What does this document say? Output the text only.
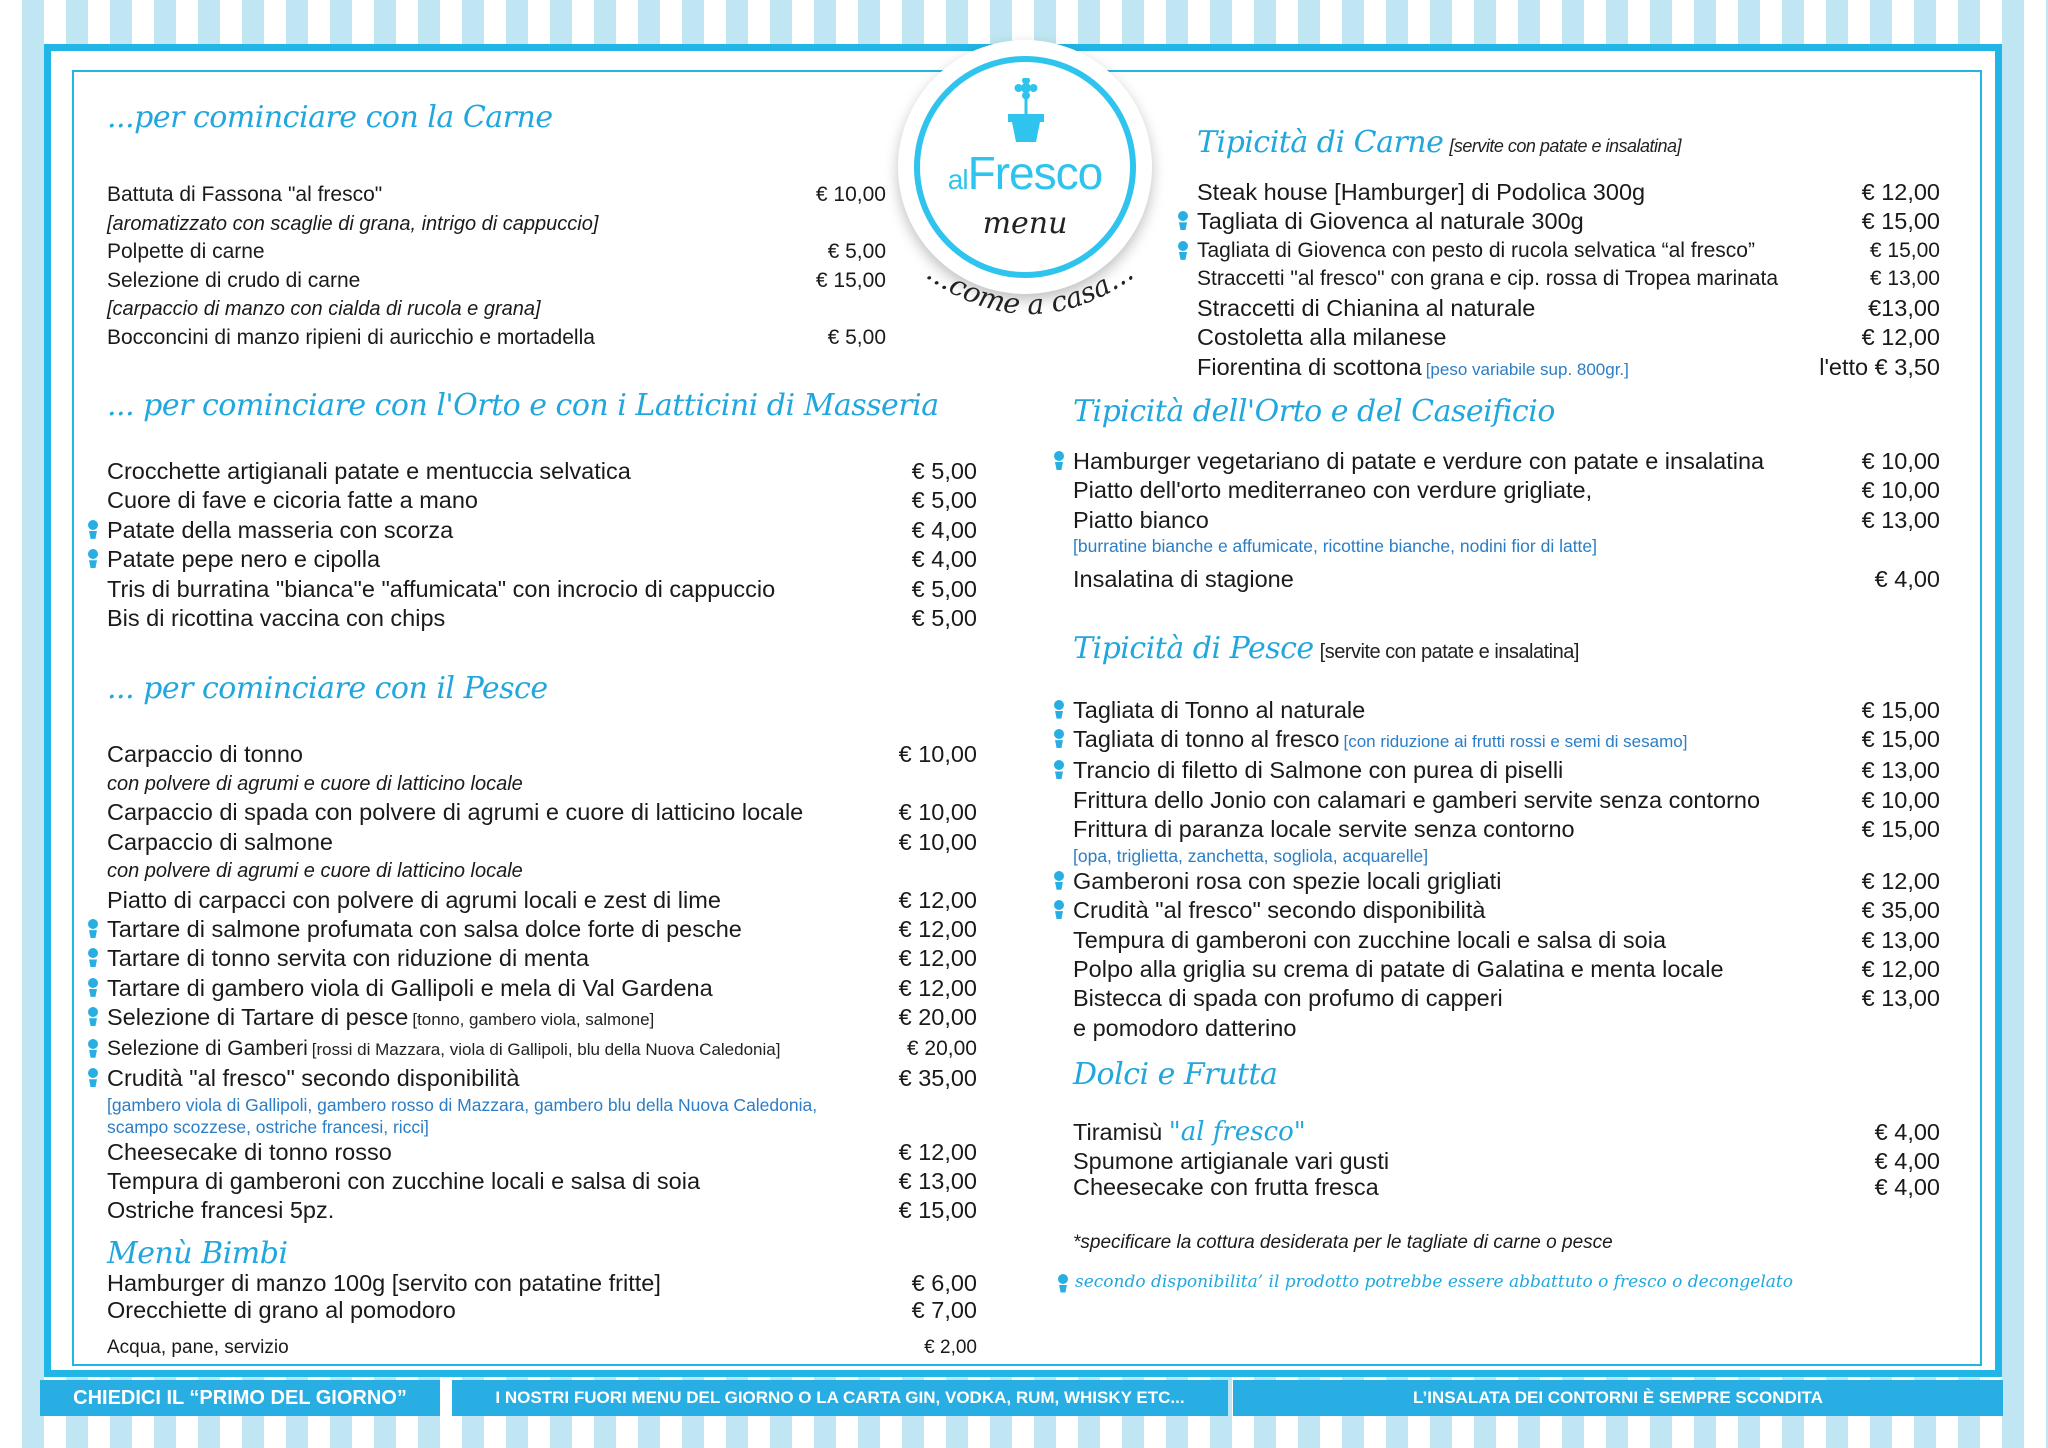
alFresco
menu
...come a casa...
...per cominciare con la Carne
Battuta di Fassona "al fresco"	€ 10,00
[aromatizzato con scaglie di grana, intrigo di cappuccio]
Polpette di carne	€ 5,00
Selezione di crudo di carne	€ 15,00
[carpaccio di manzo con cialda di rucola e grana]
Bocconcini di manzo ripieni di auricchio e mortadella	€ 5,00
... per cominciare con l'Orto e con i Latticini di Masseria
Crocchette artigianali patate e mentuccia selvatica	€ 5,00
Cuore di fave e cicoria fatte a mano	€ 5,00
Patate della masseria con scorza	€ 4,00
Patate pepe nero e cipolla	€ 4,00
Tris di burratina "bianca"e "affumicata" con incrocio di cappuccio	€ 5,00
Bis di ricottina vaccina con chips	€ 5,00
... per cominciare con il Pesce
Carpaccio di tonno	€ 10,00
con polvere di agrumi e cuore di latticino locale
Carpaccio di spada con polvere di agrumi e cuore di latticino locale	€ 10,00
Carpaccio di salmone	€ 10,00
con polvere di agrumi e cuore di latticino locale
Piatto di carpacci con polvere di agrumi locali e zest di lime	€ 12,00
Tartare di salmone profumata con salsa dolce forte di pesche	€ 12,00
Tartare di tonno servita con riduzione di menta	€ 12,00
Tartare di gambero viola di Gallipoli e mela di Val Gardena	€ 12,00
Selezione di Tartare di pesce [tonno, gambero viola, salmone]	€ 20,00
Selezione di Gamberi [rossi di Mazzara, viola di Gallipoli, blu della Nuova Caledonia]	€ 20,00
Crudità "al fresco" secondo disponibilità	€ 35,00
[gambero viola di Gallipoli, gambero rosso di Mazzara, gambero blu della Nuova Caledonia,
scampo scozzese, ostriche francesi, ricci]
Cheesecake di tonno rosso	€ 12,00
Tempura di gamberoni con zucchine locali e salsa di soia	€ 13,00
Ostriche francesi 5pz.	€ 15,00
Menù Bimbi
Hamburger di manzo 100g [servito con patatine fritte]	€ 6,00
Orecchiette di grano al pomodoro	€ 7,00
Acqua, pane, servizio	€ 2,00
Tipicità di Carne [servite con patate e insalatina]
Steak house [Hamburger] di Podolica 300g	€ 12,00
Tagliata di Giovenca al naturale 300g	€ 15,00
Tagliata di Giovenca con pesto di rucola selvatica “al fresco”	€ 15,00
Straccetti "al fresco" con grana e cip. rossa di Tropea marinata	€ 13,00
Straccetti di Chianina al naturale	€13,00
Costoletta alla milanese	€ 12,00
Fiorentina di scottona [peso variabile sup. 800gr.]	l'etto € 3,50
Tipicità dell'Orto e del Caseificio
Hamburger vegetariano di patate e verdure con patate e insalatina	€ 10,00
Piatto dell'orto mediterraneo con verdure grigliate,	€ 10,00
Piatto bianco	€ 13,00
[burratine bianche e affumicate, ricottine bianche, nodini fior di latte]
Insalatina di stagione	€ 4,00
Tipicità di Pesce [servite con patate e insalatina]
Tagliata di Tonno al naturale	€ 15,00
Tagliata di tonno al fresco [con riduzione ai frutti rossi e semi di sesamo]	€ 15,00
Trancio di filetto di Salmone con purea di piselli	€ 13,00
Frittura dello Jonio con calamari e gamberi servite senza contorno	€ 10,00
Frittura di paranza locale servite senza contorno	€ 15,00
[opa, triglietta, zanchetta, sogliola, acquarelle]
Gamberoni rosa con spezie locali grigliati	€ 12,00
Crudità "al fresco" secondo disponibilità	€ 35,00
Tempura di gamberoni con zucchine locali e salsa di soia	€ 13,00
Polpo alla griglia su crema di patate di Galatina e menta locale	€ 12,00
Bistecca di spada con profumo di capperi	€ 13,00
e pomodoro datterino
Dolci e Frutta
Tiramisù "al fresco"	€ 4,00
Spumone artigianale vari gusti	€ 4,00
Cheesecake con frutta fresca	€ 4,00
*specificare la cottura desiderata per le tagliate di carne o pesce
secondo disponibilita’ il prodotto potrebbe essere abbattuto o fresco o decongelato
CHIEDICI IL “PRIMO DEL GIORNO”	I NOSTRI FUORI MENU DEL GIORNO O LA CARTA GIN, VODKA, RUM, WHISKY ETC...	L’INSALATA DEI CONTORNI È SEMPRE SCONDITA
